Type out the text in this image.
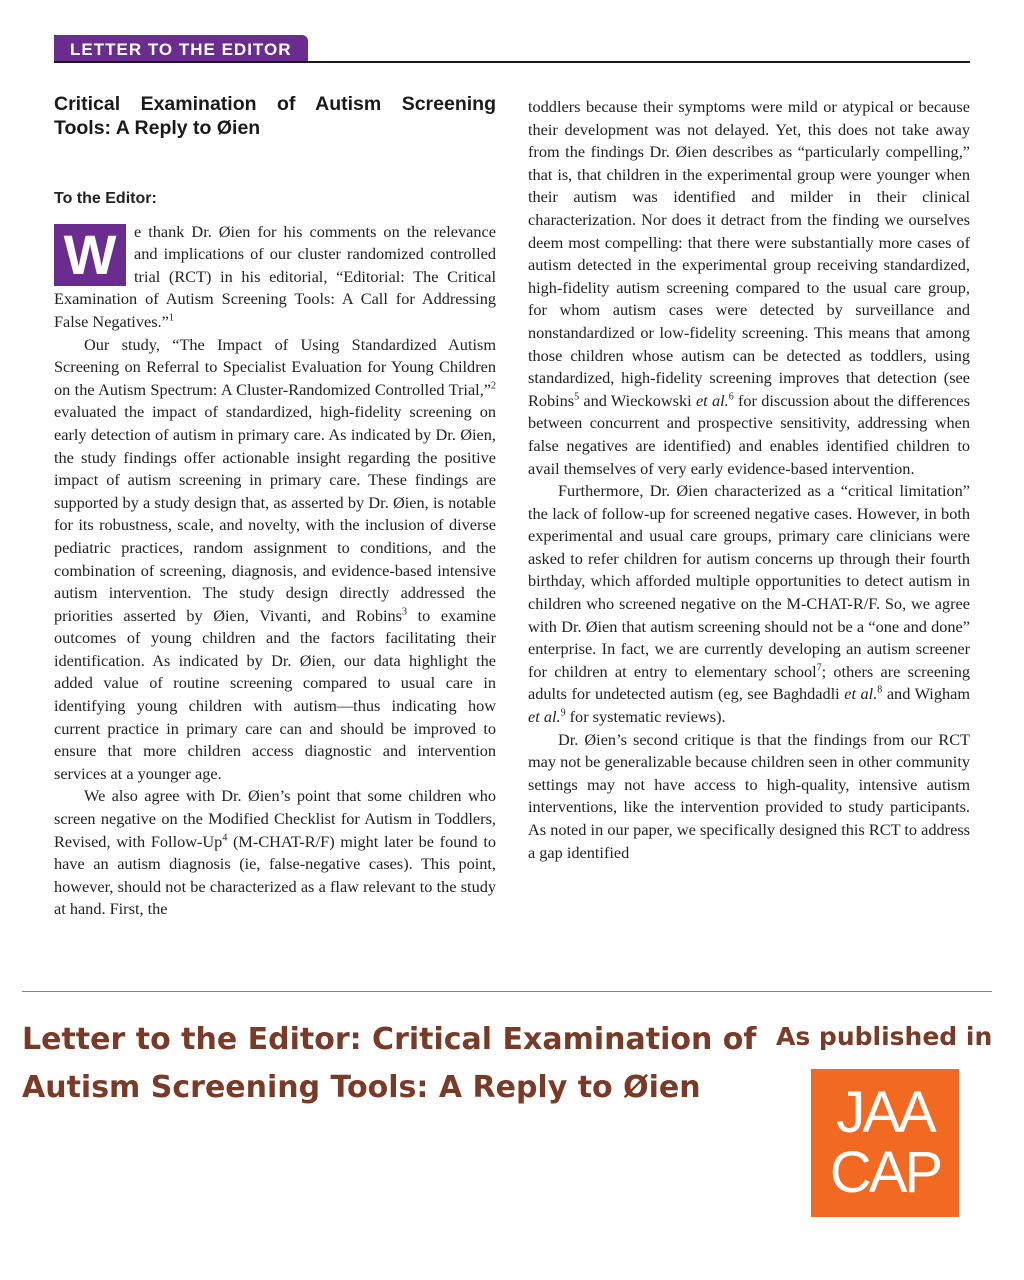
LETTER TO THE EDITOR
Critical Examination of Autism Screening Tools: A Reply to Øien
To the Editor:

W	e thank Dr. Øien for his comments on the relevance and implications of our cluster randomized controlled trial (RCT) in his editorial, “Editorial: The Critical Examination of Autism Screening Tools: A Call for Addressing False Negatives.”$^1$

Our study, “The Impact of Using Standardized Autism Screening on Referral to Specialist Evaluation for Young Children on the Autism Spectrum: A Cluster-Randomized Controlled Trial,”$^2$ evaluated the impact of standardized, high-fidelity screening on early detection of autism in primary care. As indicated by Dr. Øien, the study findings offer actionable insight regarding the positive impact of autism screening in primary care. These findings are supported by a study design that, as asserted by Dr. Øien, is notable for its robustness, scale, and novelty, with the inclusion of diverse pediatric practices, random assignment to conditions, and the combination of screening, diagnosis, and evidence-based intensive autism intervention. The study design directly addressed the priorities asserted by Øien, Vivanti, and Robins$^3$ to examine outcomes of young children and the factors facilitating their identification. As indicated by Dr. Øien, our data highlight the added value of routine screening compared to usual care in identifying young children with autism—thus indicating how current practice in primary care can and should be improved to ensure that more children access diagnostic and intervention services at a younger age.

We also agree with Dr. Øien’s point that some children who screen negative on the Modified Checklist for Autism in Toddlers, Revised, with Follow-Up$^4$ (M-CHAT-R/F) might later be found to have an autism diagnosis (ie, false-negative cases). This point, however, should not be characterized as a flaw relevant to the study at hand. First, the

toddlers because their symptoms were mild or atypical or because their development was not delayed. Yet, this does not take away from the findings Dr. Øien describes as “particularly compelling,” that is, that children in the experimental group were younger when their autism was identified and milder in their clinical characterization. Nor does it detract from the finding we ourselves deem most compelling: that there were substantially more cases of autism detected in the experimental group receiving standardized, high-fidelity autism screening compared to the usual care group, for whom autism cases were detected by surveillance and nonstandardized or low-fidelity screening. This means that among those children whose autism can be detected as toddlers, using standardized, high-fidelity screening improves that detection (see Robins$^5$ and Wieckowski et al.$^6$ for discussion about the differences between concurrent and prospective sensitivity, addressing when false negatives are identified) and enables identified children to avail themselves of very early evidence-based intervention.

Furthermore, Dr. Øien characterized as a “critical limitation” the lack of follow-up for screened negative cases. However, in both experimental and usual care groups, primary care clinicians were asked to refer children for autism concerns up through their fourth birthday, which afforded multiple opportunities to detect autism in children who screened negative on the M-CHAT-R/F. So, we agree with Dr. Øien that autism screening should not be a “one and done” enterprise. In fact, we are currently developing an autism screener for children at entry to elementary school$^7$; others are screening adults for undetected autism (eg, see Baghdadli et al.$^8$ and Wigham et al.$^9$ for systematic reviews).

Dr. Øien’s second critique is that the findings from our RCT may not be generalizable because children seen in other community settings may not have access to high-quality, intensive autism interventions, like the intervention provided to study participants. As noted in our paper, we specifically designed this RCT to address a gap identified

Letter to the Editor: Critical Examination of Autism Screening Tools: A Reply to Øien
As published in
JAA
CAP
